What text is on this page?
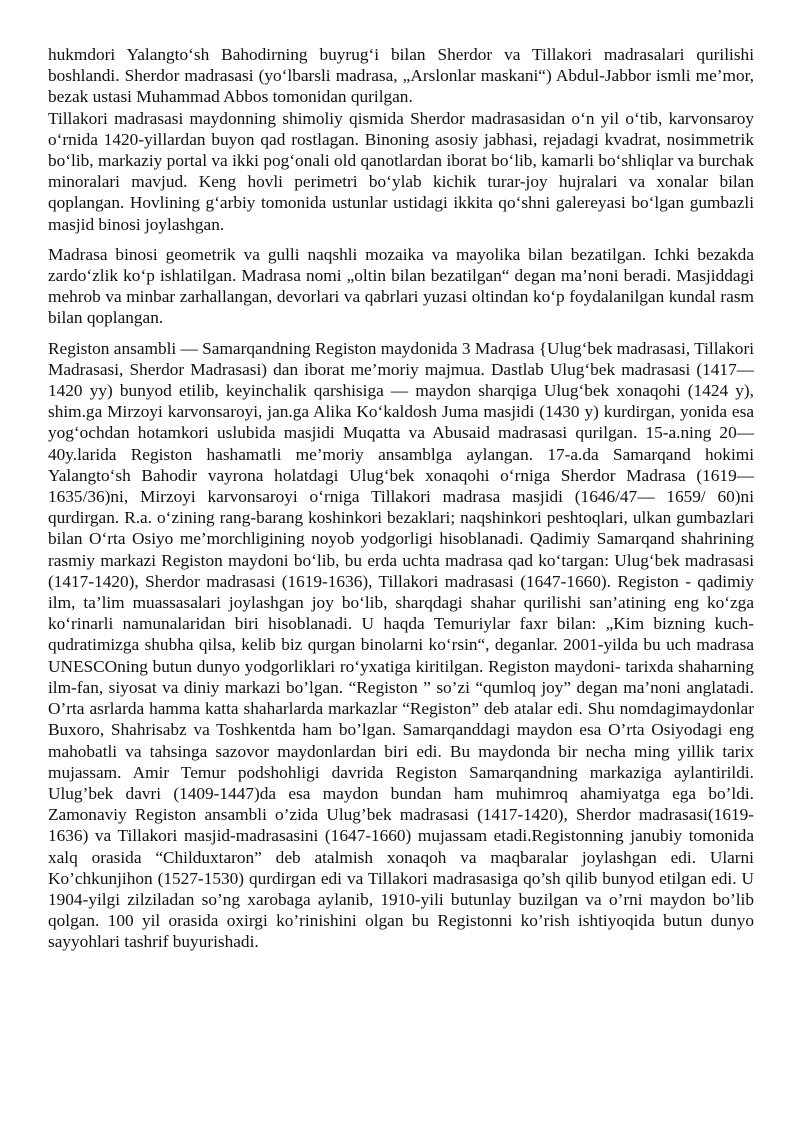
hukmdori Yalangto‘sh Bahodirning buyrug‘i bilan Sherdor va Tillakori madrasalari qurilishi boshlandi. Sherdor madrasasi (yo‘lbarsli madrasa, „Arslonlar maskani“) Abdul-Jabbor ismli me’mor, bezak ustasi Muhammad Abbos tomonidan qurilgan.

Tillakori madrasasi maydonning shimoliy qismida Sherdor madrasasidan o‘n yil o‘tib, karvonsaroy o‘rnida 1420-yillardan buyon qad rostlagan. Binoning asosiy jabhasi, rejadagi kvadrat, nosimmetrik bo‘lib, markaziy portal va ikki pog‘onali old qanotlardan iborat bo‘lib, kamarli bo‘shliqlar va burchak minoralari mavjud. Keng hovli perimetri bo‘ylab kichik turar-joy hujralari va xonalar bilan qoplangan. Hovlining g‘arbiy tomonida ustunlar ustidagi ikkita qo‘shni galereyasi bo‘lgan gumbazli masjid binosi joylashgan.

Madrasa binosi geometrik va gulli naqshli mozaika va mayolika bilan bezatilgan. Ichki bezakda zardo‘zlik ko‘p ishlatilgan. Madrasa nomi „oltin bilan bezatilgan“ degan ma’noni beradi. Masjiddagi mehrob va minbar zarhallangan, devorlari va qabrlari yuzasi oltindan ko‘p foydalanilgan kundal rasm bilan qoplangan.

Registon ansambli — Samarqandning Registon maydonida 3 Madrasa {Ulug‘bek madrasasi, Tillakori Madrasasi, Sherdor Madrasasi) dan iborat me’moriy majmua. Dastlab Ulug‘bek madrasasi (1417—1420 yy) bunyod etilib, keyinchalik qarshisiga — maydon sharqiga Ulug‘bek xonaqohi (1424 y), shim.ga Mirzoyi karvonsaroyi, jan.ga Alika Ko‘kaldosh Juma masjidi (1430 y) kurdirgan, yonida esa yog‘ochdan hotamkori uslubida masjidi Muqatta va Abusaid madrasasi qurilgan. 15-a.ning 20—40y.larida Registon hashamatli me’moriy ansamblga aylangan. 17-a.da Samarqand hokimi Yalangto‘sh Bahodir vayrona holatdagi Ulug‘bek xonaqohi o‘rniga Sherdor Madrasa (1619—1635/36)ni, Mirzoyi karvonsaroyi o‘rniga Tillakori madrasa masjidi (1646/47— 1659/ 60)ni qurdirgan. R.a. o‘zining rang-barang koshinkori bezaklari; naqshinkori peshtoqlari, ulkan gumbazlari bilan O‘rta Osiyo me’morchligining noyob yodgorligi hisoblanadi. Qadimiy Samarqand shahrining rasmiy markazi Registon maydoni bo‘lib, bu erda uchta madrasa qad ko‘targan: Ulug‘bek madrasasi (1417-1420), Sherdor madrasasi (1619-1636), Tillakori madrasasi (1647-1660). Registon - qadimiy ilm, ta’lim muassasalari joylashgan joy bo‘lib, sharqdagi shahar qurilishi san’atining eng ko‘zga ko‘rinarli namunalaridan biri hisoblanadi. U haqda Temuriylar faxr bilan: „Kim bizning kuch- qudratimizga shubha qilsa, kelib biz qurgan binolarni ko‘rsin“, deganlar. 2001-yilda bu uch madrasa UNESCOning butun dunyo yodgorliklari ro‘yxatiga kiritilgan. Registon maydoni- tarixda shaharning ilm-fan, siyosat va diniy markazi bo’lgan. “Registon ” so’zi “qumloq joy” degan ma’noni anglatadi. O’rta asrlarda hamma katta shaharlarda markazlar “Registon” deb atalar edi. Shu nomdagimaydonlar Buxoro, Shahrisabz va Toshkentda ham bo’lgan. Samarqanddagi maydon esa O’rta Osiyodagi eng mahobatli va tahsinga sazovor maydonlardan biri edi. Bu maydonda bir necha ming yillik tarix mujassam. Amir Temur podshohligi davrida Registon Samarqandning markaziga aylantirildi. Ulug’bek davri (1409-1447)da esa maydon bundan ham muhimroq ahamiyatga ega bo’ldi. Zamonaviy Registon ansambli o’zida Ulug’bek madrasasi (1417-1420), Sherdor madrasasi(1619-1636) va Tillakori masjid-madrasasini (1647-1660) mujassam etadi.Registonning janubiy tomonida xalq orasida “Childuxtaron” deb atalmish xonaqoh va maqbaralar joylashgan edi. Ularni Ko’chkunjihon (1527-1530) qurdirgan edi va Tillakori madrasasiga qo’sh qilib bunyod etilgan edi. U 1904-yilgi zilziladan so’ng xarobaga aylanib, 1910-yili butunlay buzilgan va o’rni maydon bo’lib qolgan. 100 yil orasida oxirgi ko’rinishini olgan bu Registonni ko’rish ishtiyoqida butun dunyo sayyohlari tashrif buyurishadi.
